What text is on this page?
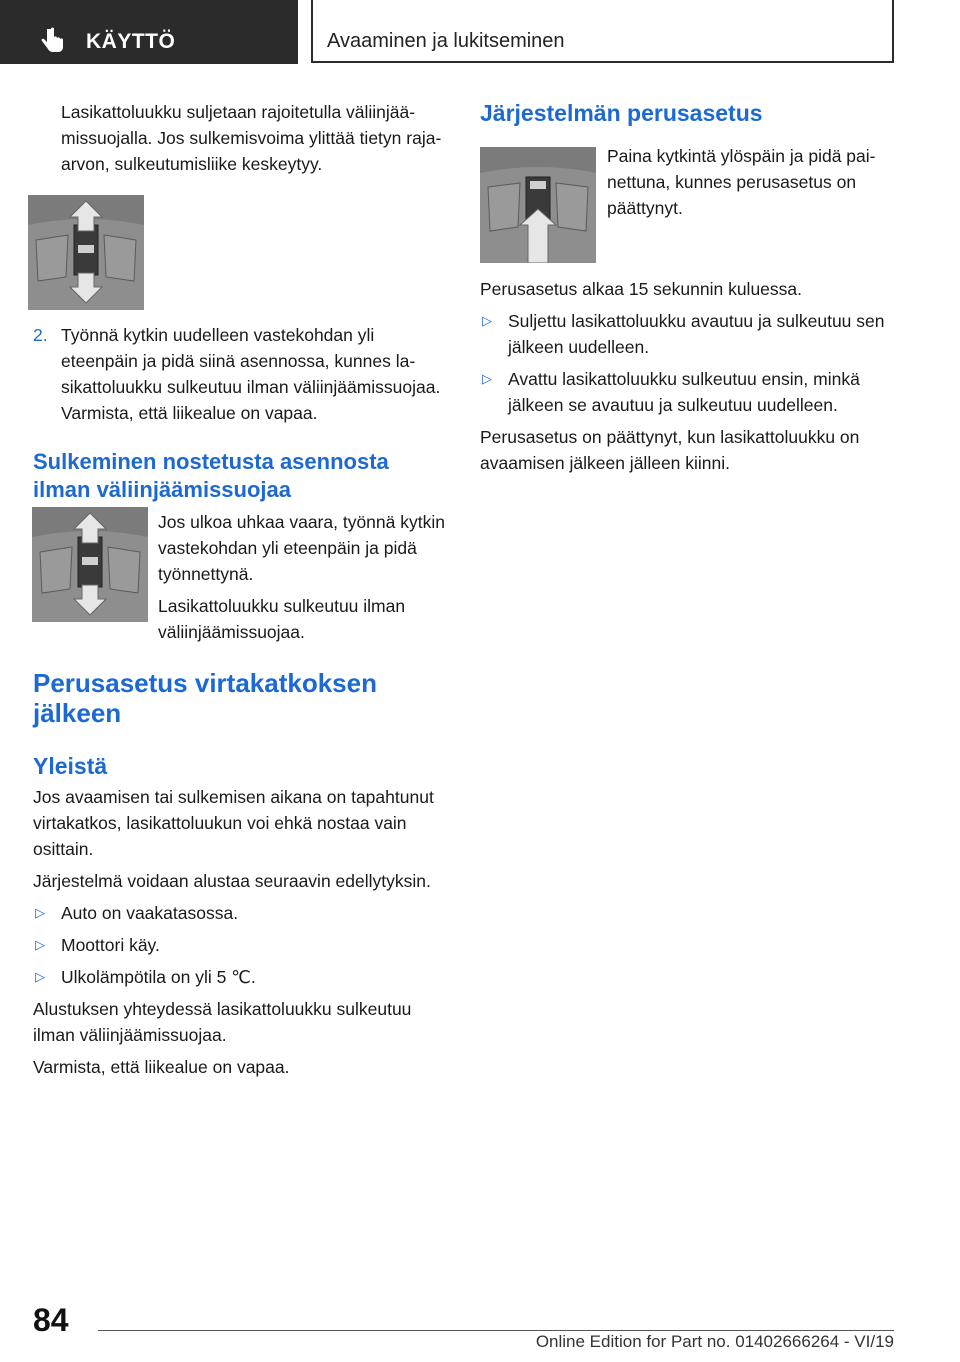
KÄYTTÖ	Avaaminen ja lukitseminen

Lasikattoluukku suljetaan rajoitetulla väliinjäämissuojalla. Jos sulkemisvoima ylittää tietyn raja-arvon, sulkeutumisliike keskeytyy.

2. Työnnä kytkin uudelleen vastekohdan yli eteenpäin ja pidä siinä asennossa, kunnes lasikattoluukku sulkeutuu ilman väliinjäämissuojaa. Varmista, että liikealue on vapaa.
Sulkeminen nostetusta asennosta ilman väliinjäämissuojaa

Jos ulkoa uhkaa vaara, työnnä kytkin vastekohdan yli eteenpäin ja pidä työnnettynä.

Lasikattoluukku sulkeutuu ilman väliinjäämissuojaa.

Perusasetus virtakatkoksen jälkeen
Yleistä

Jos avaamisen tai sulkemisen aikana on tapahtunut virtakatkos, lasikattoluukun voi ehkä nostaa vain osittain.

Järjestelmä voidaan alustaa seuraavin edellytyksin.

▷ Auto on vaakatasossa.
▷ Moottori käy.
▷ Ulkolämpötila on yli 5 ℃.

Alustuksen yhteydessä lasikattoluukku sulkeutuu ilman väliinjäämissuojaa.

Varmista, että liikealue on vapaa.

Järjestelmän perusasetus

Paina kytkintä ylöspäin ja pidä painettuna, kunnes perusasetus on päättynyt.

Perusasetus alkaa 15 sekunnin kuluessa.

▷ Suljettu lasikattoluukku avautuu ja sulkeutuu sen jälkeen uudelleen.
▷ Avattu lasikattoluukku sulkeutuu ensin, minkä jälkeen se avautuu ja sulkeutuu uudelleen.

Perusasetus on päättynyt, kun lasikattoluukku on avaamisen jälkeen jälleen kiinni.

84
Online Edition for Part no. 01402666264 - VI/19
